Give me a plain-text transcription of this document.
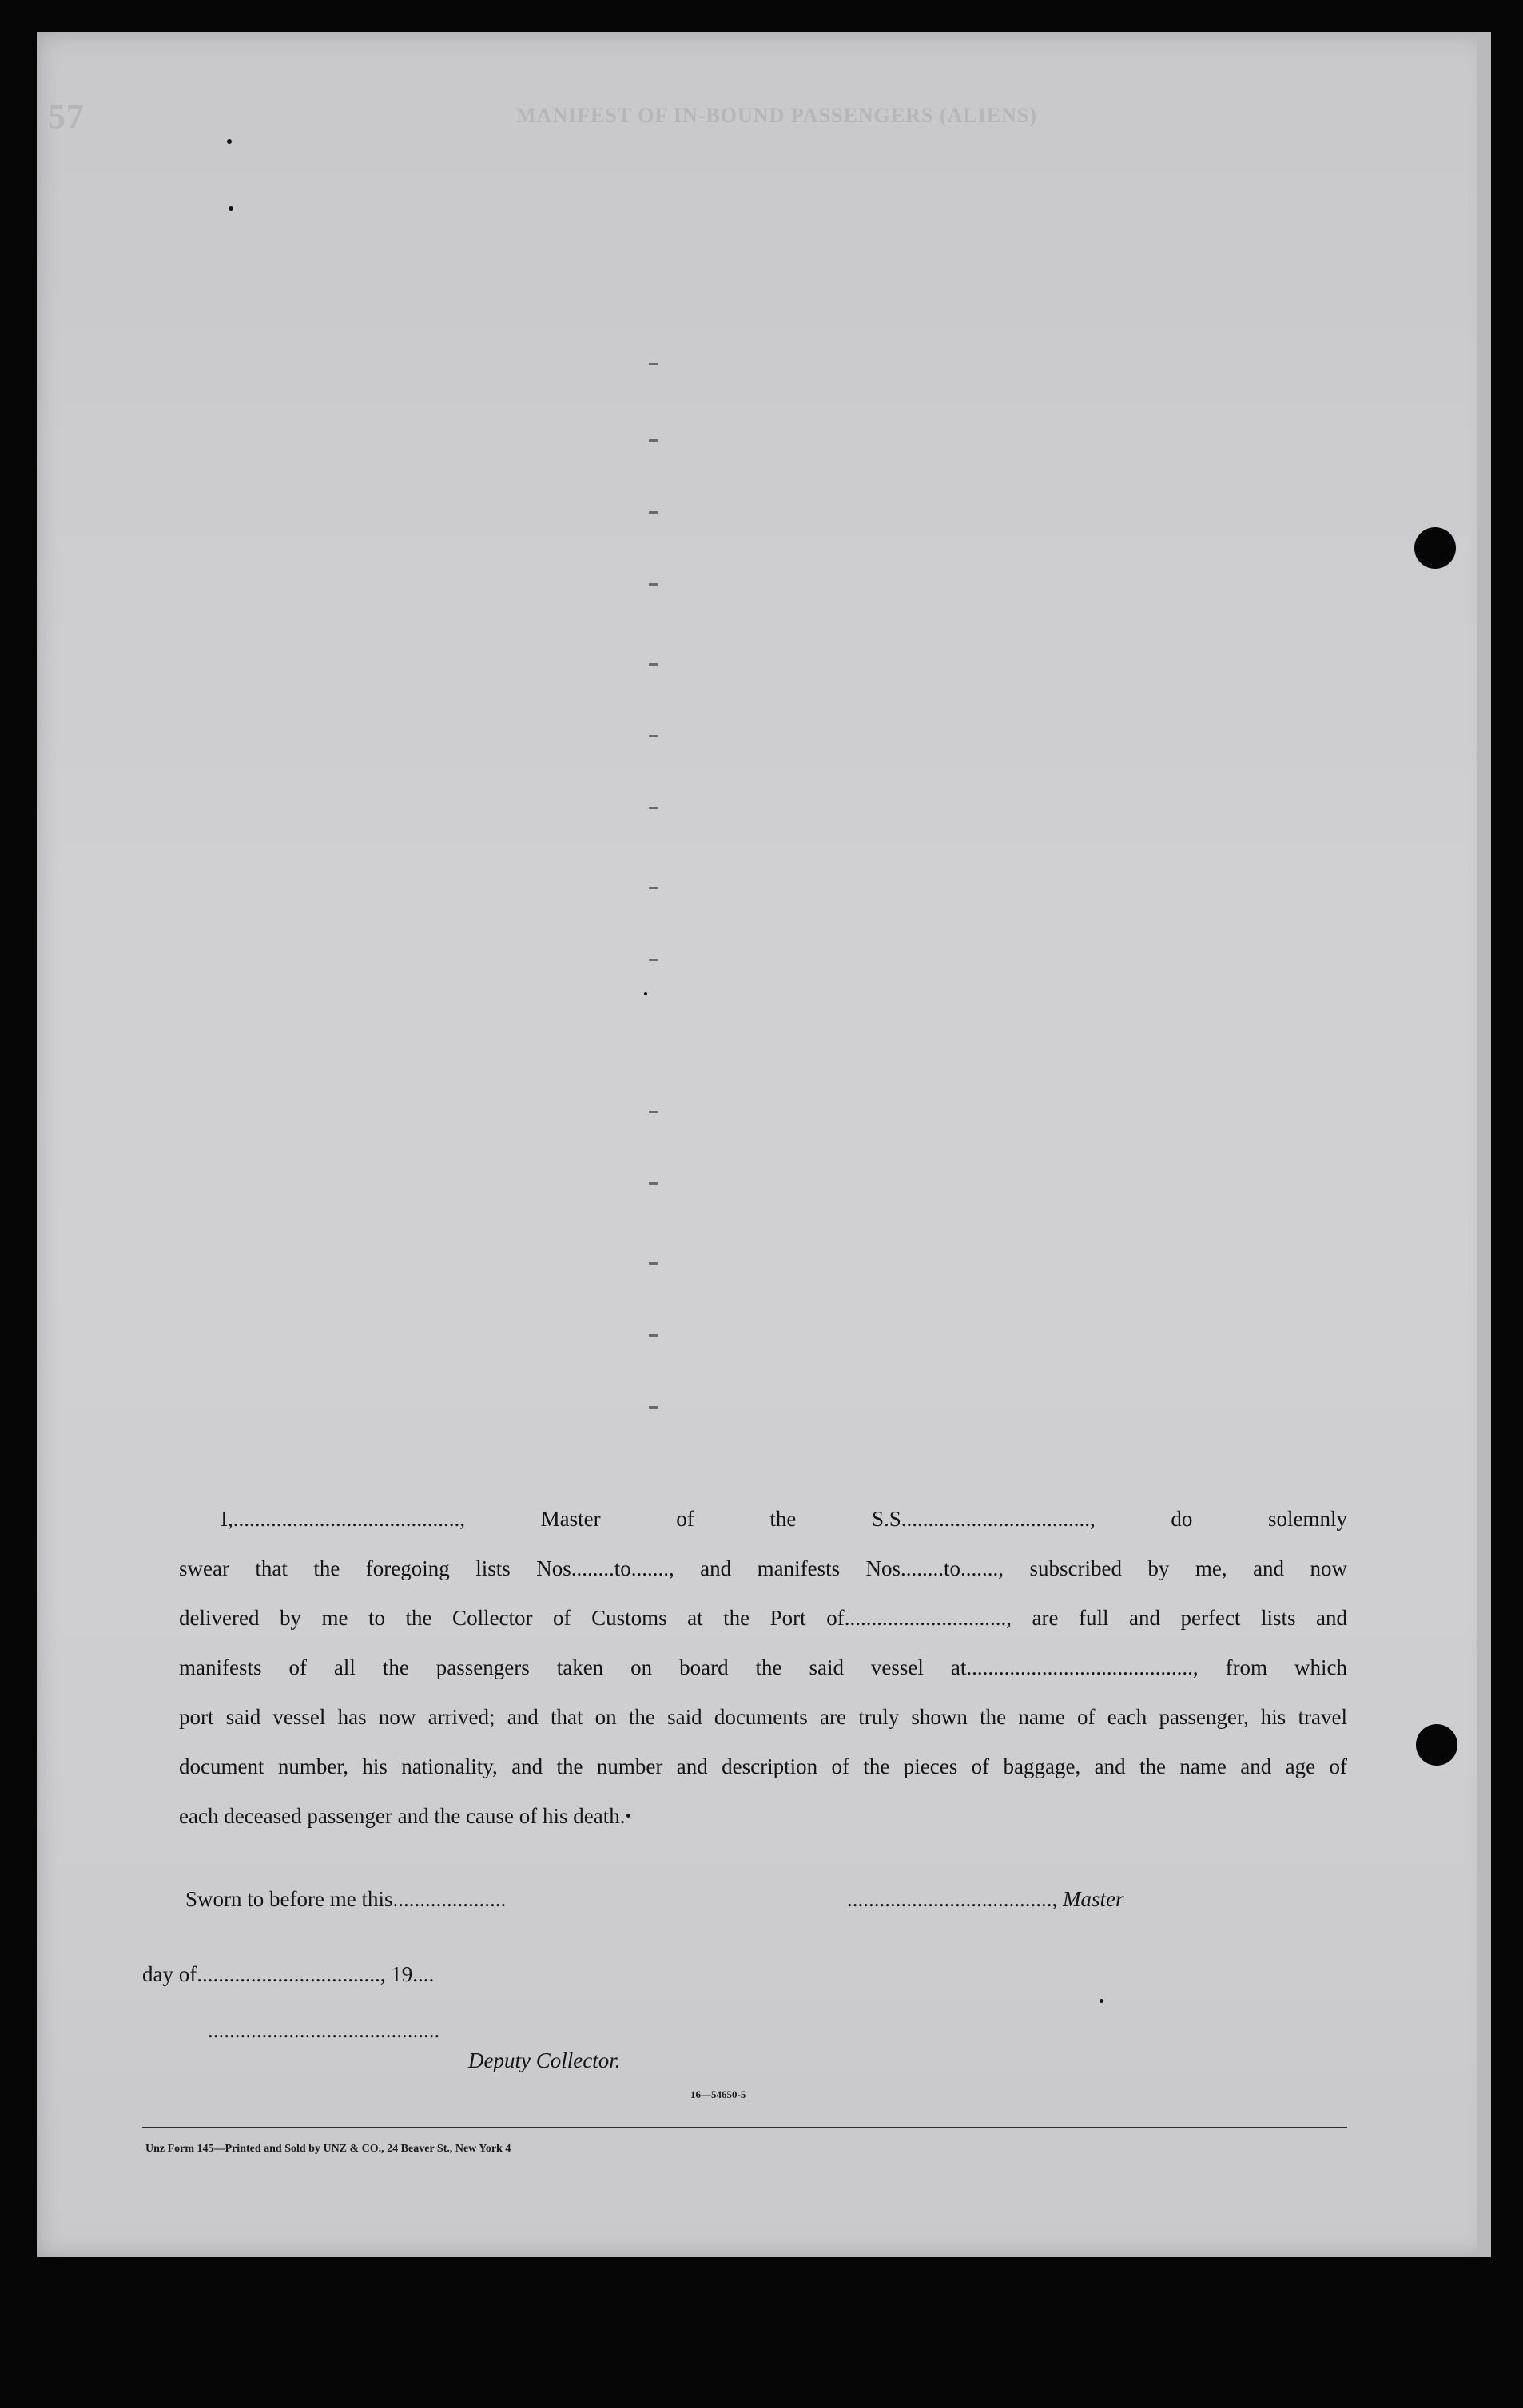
MANIFEST OF IN-BOUND PASSENGERS (ALIENS)
57
I,.........................................., Master of the S.S..................................., do solemnly
swear that the foregoing lists Nos........to......., and manifests Nos........to......., subscribed by me, and now
delivered by me to the Collector of Customs at the Port of.............................., are full and perfect lists and
manifests of all the passengers taken on board the said vessel at.........................................., from which
port said vessel has now arrived; and that on the said documents are truly shown the name of each passenger, his travel
document number, his nationality, and the number and description of the pieces of baggage, and the name and age of
each deceased passenger and the cause of his death.
Sworn to before me this.....................	......................................, Master
day of.................................., 19....
...........................................
Deputy Collector.
16—54650-5
Unz Form 145—Printed and Sold by UNZ & CO., 24 Beaver St., New York 4
